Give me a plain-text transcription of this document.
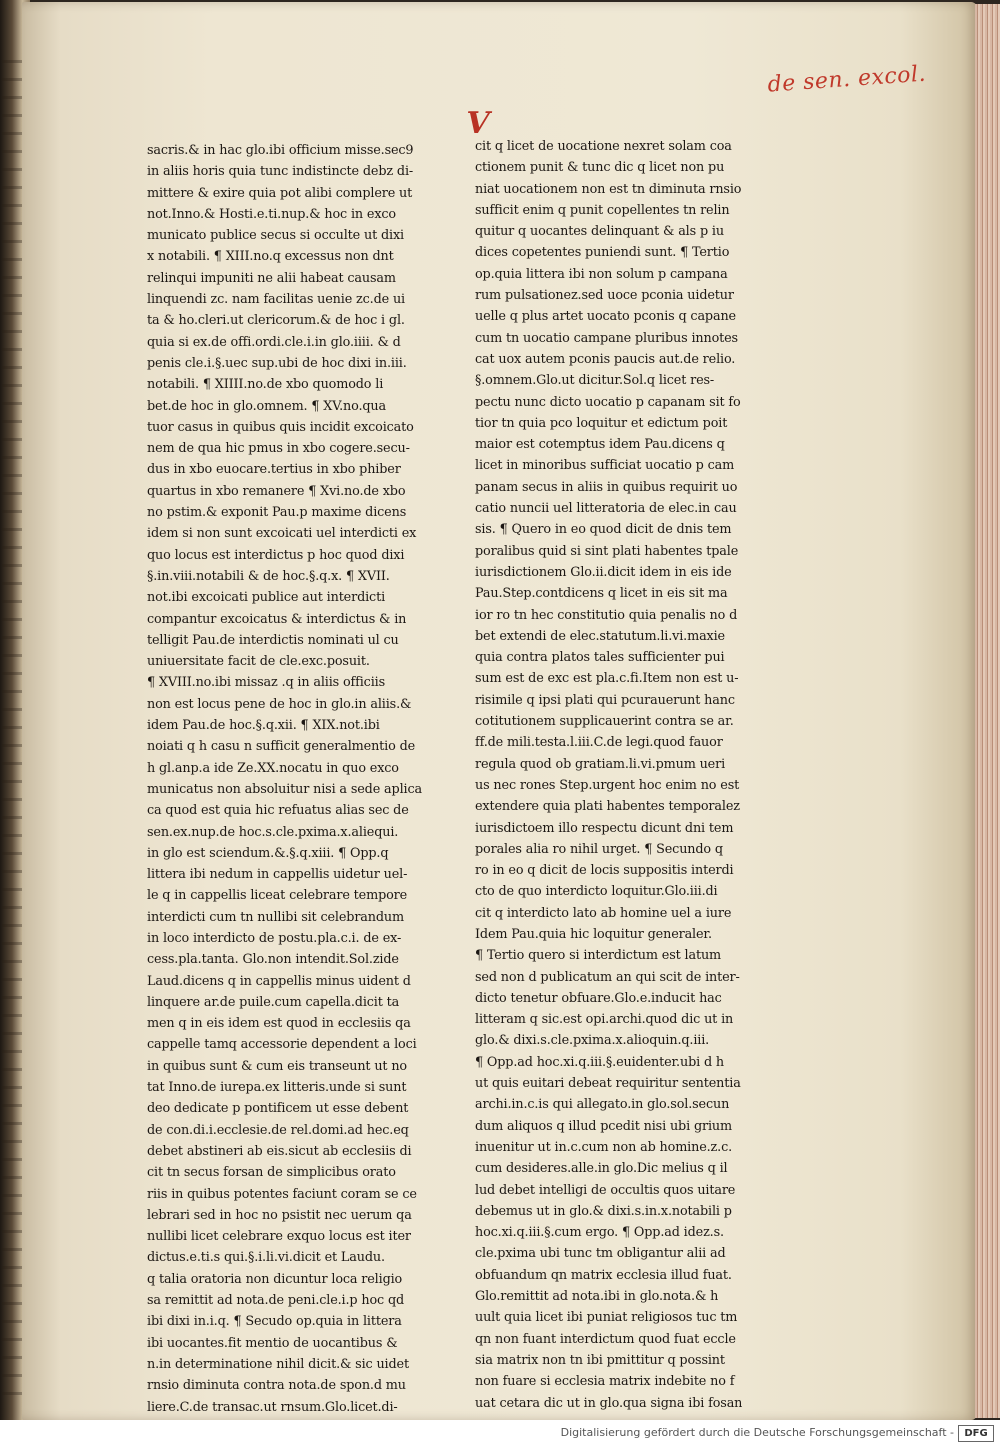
de sen. excol.
V
sacris.& in hac glo.ibi officium misse.sec9
in aliis horis quia tunc indistincte debz di-
mittere & exire quia pot alibi complere ut
not.Inno.& Hosti.e.ti.nup.& hoc in exco
municato publice secus si occulte ut dixi
x notabili. ¶ XIII.no.q excessus non dnt
relinqui impuniti ne alii habeat causam
linquendi zc. nam facilitas uenie zc.de ui
ta & ho.cleri.ut clericorum.& de hoc i gl.
quia si ex.de offi.ordi.cle.i.in glo.iiii. & d
penis cle.i.§.uec sup.ubi de hoc dixi in.iii.
notabili. ¶ XIIII.no.de xbo quomodo li
bet.de hoc in glo.omnem. ¶ XV.no.qua
tuor casus in quibus quis incidit excoicato
nem de qua hic pmus in xbo cogere.secu-
dus in xbo euocare.tertius in xbo phiber
quartus in xbo remanere ¶ Xvi.no.de xbo
no pstim.& exponit Pau.p maxime dicens
idem si non sunt excoicati uel interdicti ex
quo locus est interdictus p hoc quod dixi
§.in.viii.notabili & de hoc.§.q.x. ¶ XVII.
not.ibi excoicati publice aut interdicti
compantur excoicatus & interdictus & in
telligit Pau.de interdictis nominati ul cu
uniuersitate facit de cle.exc.posuit.
¶ XVIII.no.ibi missaz .q in aliis officiis
non est locus pene de hoc in glo.in aliis.&
idem Pau.de hoc.§.q.xii. ¶ XIX.not.ibi
noiati q h casu n sufficit generalmentio de
h gl.anp.a ide Ze.XX.nocatu in quo exco
municatus non absoluitur nisi a sede aplica
ca quod est quia hic refuatus alias sec de
sen.ex.nup.de hoc.s.cle.pxima.x.aliequi.
in glo est sciendum.&.§.q.xiii. ¶ Opp.q
littera ibi nedum in cappellis uidetur uel-
le q in cappellis liceat celebrare tempore
interdicti cum tn nullibi sit celebrandum
in loco interdicto de postu.pla.c.i. de ex-
cess.pla.tanta. Glo.non intendit.Sol.zide
Laud.dicens q in cappellis minus uident d
linquere ar.de puile.cum capella.dicit ta
men q in eis idem est quod in ecclesiis qa
cappelle tamq accessorie dependent a loci
in quibus sunt & cum eis transeunt ut no
tat Inno.de iurepa.ex litteris.unde si sunt
deo dedicate p pontificem ut esse debent
de con.di.i.ecclesie.de rel.domi.ad hec.eq
debet abstineri ab eis.sicut ab ecclesiis di
cit tn secus forsan de simplicibus orato
riis in quibus potentes faciunt coram se ce
lebrari sed in hoc no psistit nec uerum qa
nullibi licet celebrare exquo locus est iter
dictus.e.ti.s qui.§.i.li.vi.dicit et Laudu.
q talia oratoria non dicuntur loca religio
sa remittit ad nota.de peni.cle.i.p hoc qd
ibi dixi in.i.q. ¶ Secudo op.quia in littera
ibi uocantes.fit mentio de uocantibus &
n.in determinatione nihil dicit.& sic uidet
rnsio diminuta contra nota.de spon.d mu
liere.C.de transac.ut rnsum.Glo.licet.di-
cit q licet de uocatione nexret solam coa
ctionem punit & tunc dic q licet non pu
niat uocationem non est tn diminuta rnsio
sufficit enim q punit copellentes tn relin
quitur q uocantes delinquant & als p iu
dices copetentes puniendi sunt. ¶ Tertio
op.quia littera ibi non solum p campana
rum pulsationez.sed uoce pconia uidetur
uelle q plus artet uocato pconis q capane
cum tn uocatio campane pluribus innotes
cat uox autem pconis paucis aut.de relio.
§.omnem.Glo.ut dicitur.Sol.q licet res-
pectu nunc dicto uocatio p capanam sit fo
tior tn quia pco loquitur et edictum poit
maior est cotemptus idem Pau.dicens q
licet in minoribus sufficiat uocatio p cam
panam secus in aliis in quibus requirit uo
catio nuncii uel litteratoria de elec.in cau
sis. ¶ Quero in eo quod dicit de dnis tem
poralibus quid si sint plati habentes tpale
iurisdictionem Glo.ii.dicit idem in eis ide
Pau.Step.contdicens q licet in eis sit ma
ior ro tn hec constitutio quia penalis no d
bet extendi de elec.statutum.li.vi.maxie
quia contra platos tales sufficienter pui
sum est de exc est pla.c.fi.Item non est u-
risimile q ipsi plati qui pcurauerunt hanc
cotitutionem supplicauerint contra se ar.
ff.de mili.testa.l.iii.C.de legi.quod fauor
regula quod ob gratiam.li.vi.pmum ueri
us nec rones Step.urgent hoc enim no est
extendere quia plati habentes temporalez
iurisdictoem illo respectu dicunt dni tem
porales alia ro nihil urget. ¶ Secundo q
ro in eo q dicit de locis suppositis interdi
cto de quo interdicto loquitur.Glo.iii.di
cit q interdicto lato ab homine uel a iure
Idem Pau.quia hic loquitur generaler.
¶ Tertio quero si interdictum est latum
sed non d publicatum an qui scit de inter-
dicto tenetur obfuare.Glo.e.inducit hac
litteram q sic.est opi.archi.quod dic ut in
glo.& dixi.s.cle.pxima.x.alioquin.q.iii.
¶ Opp.ad hoc.xi.q.iii.§.euidenter.ubi d h
ut quis euitari debeat requiritur sententia
archi.in.c.is qui allegato.in glo.sol.secun
dum aliquos q illud pcedit nisi ubi grium
inuenitur ut in.c.cum non ab homine.z.c.
cum desideres.alle.in glo.Dic melius q il
lud debet intelligi de occultis quos uitare
debemus ut in glo.& dixi.s.in.x.notabili p
hoc.xi.q.iii.§.cum ergo. ¶ Opp.ad idez.s.
cle.pxima ubi tunc tm obligantur alii ad
obfuandum qn matrix ecclesia illud fuat.
Glo.remittit ad nota.ibi in glo.nota.& h
uult quia licet ibi puniat religiosos tuc tm
qn non fuant interdictum quod fuat eccle
sia matrix non tn ibi pmittitur q possint
non fuare si ecclesia matrix indebite no f
uat cetara dic ut in glo.qua signa ibi fosan
Digitalisierung gefördert durch die Deutsche Forschungsgemeinschaft -	DFG
